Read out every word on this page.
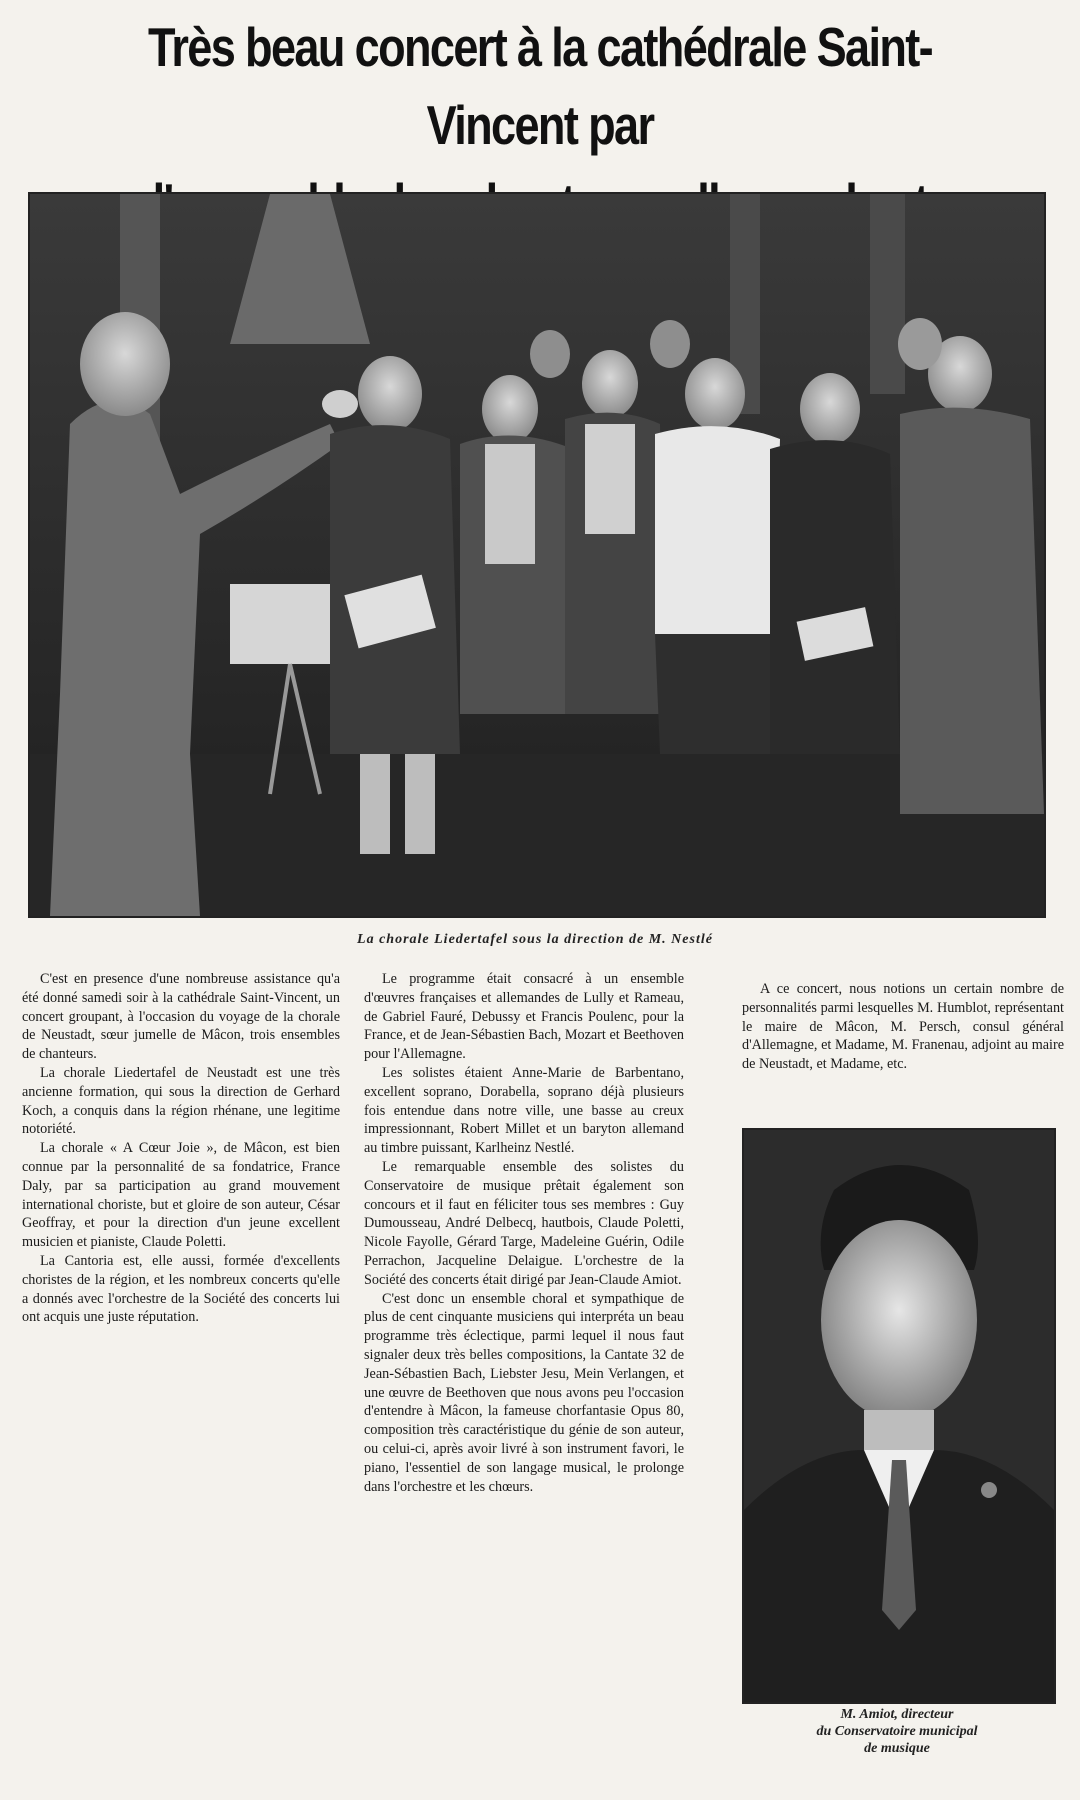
Très beau concert à la cathédrale Saint-Vincent par

La chorale Liedertafel sous la direction de M. Nestlé

C'est en presence d'une nombreuse assistance qu'a été donné samedi soir à la cathédrale Saint-Vincent, un concert groupant, à l'occasion du voyage de la chorale de Neustadt, sœur jumelle de Mâcon, trois ensembles de chanteurs.

La chorale Liedertafel de Neustadt est une très ancienne formation, qui sous la direction de Gerhard Koch, a conquis dans la région rhénane, une legitime notoriété.

La chorale « A Cœur Joie », de Mâcon, est bien connue par la personnalité de sa fondatrice, France Daly, par sa participation au grand mouvement international choriste, but et gloire de son auteur, César Geoffray, et pour la direction d'un jeune excellent musicien et pianiste, Claude Poletti.

La Cantoria est, elle aussi, formée d'excellents choristes de la région, et les nombreux concerts qu'elle a donnés avec l'orchestre de la Société des concerts lui ont acquis une juste réputation.

Le programme était consacré à un ensemble d'œuvres françaises et allemandes de Lully et Rameau, de Gabriel Fauré, Debussy et Francis Poulenc, pour la France, et de Jean-Sébastien Bach, Mozart et Beethoven pour l'Allemagne.

Les solistes étaient Anne-Marie de Barbentano, excellent soprano, Dorabella, soprano déjà plusieurs fois entendue dans notre ville, une basse au creux impressionnant, Robert Millet et un baryton allemand au timbre puissant, Karlheinz Nestlé.

Le remarquable ensemble des solistes du Conservatoire de musique prêtait également son concours et il faut en féliciter tous ses membres : Guy Dumousseau, André Delbecq, hautbois, Claude Poletti, Nicole Fayolle, Gérard Targe, Madeleine Guérin, Odile Perrachon, Jacqueline Delaigue. L'orchestre de la Société des concerts était dirigé par Jean-Claude Amiot.

C'est donc un ensemble choral et sympathique de plus de cent cinquante musiciens qui interpréta un beau programme très éclectique, parmi lequel il nous faut signaler deux très belles compositions, la Cantate 32 de Jean-Sébastien Bach, Liebster Jesu, Mein Verlangen, et une œuvre de Beethoven que nous avons peu l'occasion d'entendre à Mâcon, la fameuse chorfantasie Opus 80, composition très caractéristique du génie de son auteur, ou celui-ci, après avoir livré à son instrument favori, le piano, l'essentiel de son langage musical, le prolonge dans l'orchestre et les chœurs.

A ce concert, nous notions un certain nombre de personnalités parmi lesquelles M. Humblot, représentant le maire de Mâcon, M. Persch, consul général d'Allemagne, et Madame, M. Franenau, adjoint au maire de Neustadt, et Madame, etc.

M. Amiot, directeur
du Conservatoire municipal
de musique
